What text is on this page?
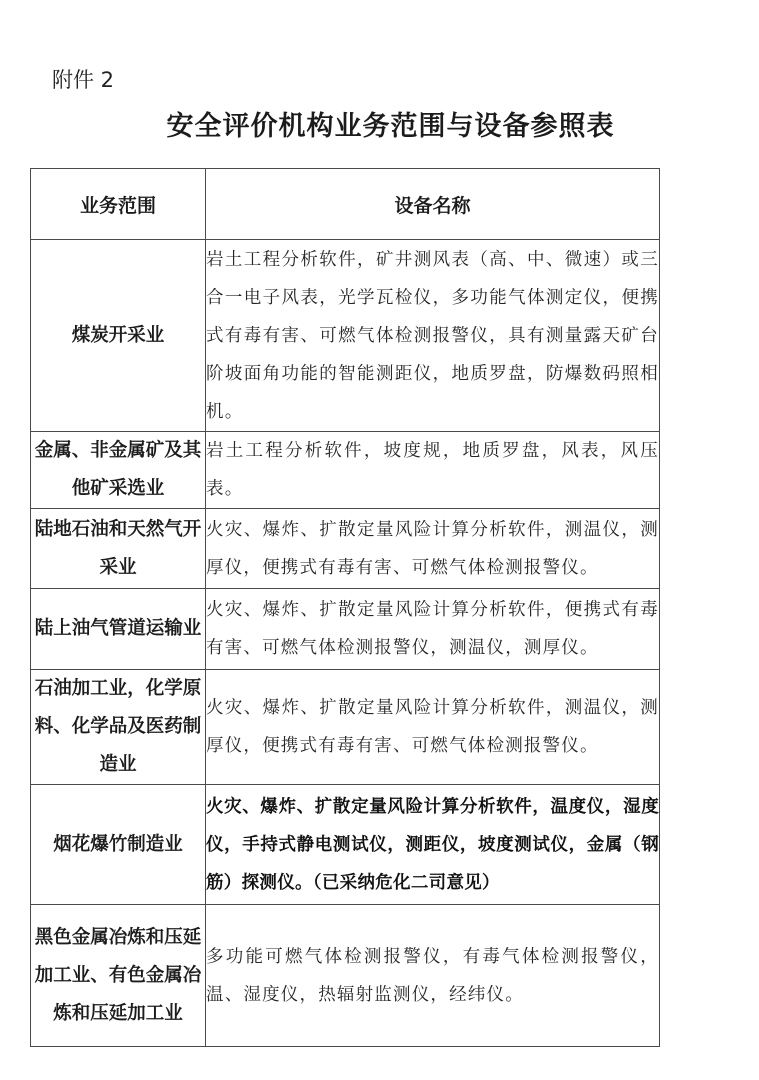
附件 2
安全评价机构业务范围与设备参照表
业务范围	设备名称
煤炭开采业	岩土工程分析软件，矿井测风表（高、中、微速）或三合一电子风表，光学瓦检仪，多功能气体测定仪，便携式有毒有害、可燃气体检测报警仪，具有测量露天矿台阶坡面角功能的智能测距仪，地质罗盘，防爆数码照相机。
金属、非金属矿及其他矿采选业	岩土工程分析软件，坡度规，地质罗盘，风表，风压表。
陆地石油和天然气开采业	火灾、爆炸、扩散定量风险计算分析软件，测温仪，测厚仪，便携式有毒有害、可燃气体检测报警仪。
陆上油气管道运输业	火灾、爆炸、扩散定量风险计算分析软件，便携式有毒有害、可燃气体检测报警仪，测温仪，测厚仪。
石油加工业，化学原料、化学品及医药制造业	火灾、爆炸、扩散定量风险计算分析软件，测温仪，测厚仪，便携式有毒有害、可燃气体检测报警仪。
烟花爆竹制造业	火灾、爆炸、扩散定量风险计算分析软件，温度仪，湿度仪，手持式静电测试仪，测距仪，坡度测试仪，金属（钢筋）探测仪。（已采纳危化二司意见）
黑色金属冶炼和压延加工业、有色金属冶炼和压延加工业	多功能可燃气体检测报警仪，有毒气体检测报警仪，温、湿度仪，热辐射监测仪，经纬仪。
